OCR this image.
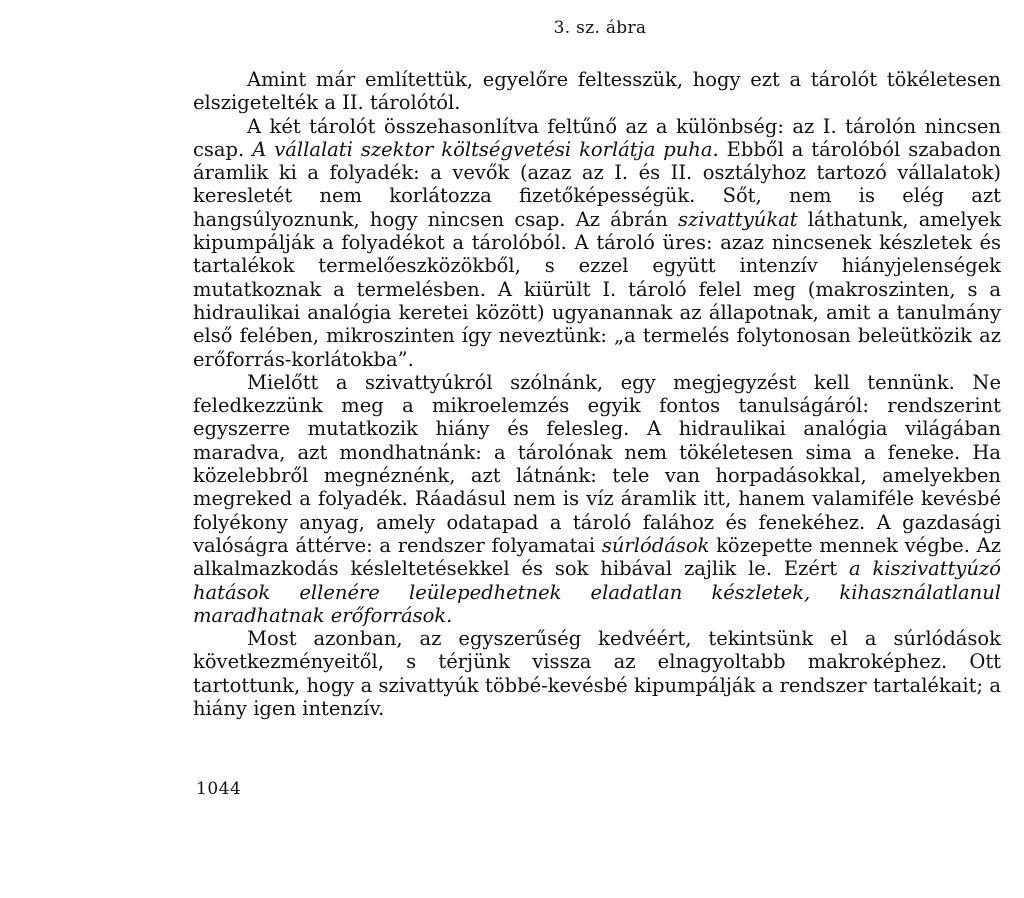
3. sz. ábra

Amint már említettük, egyelőre feltesszük, hogy ezt a tárolót tökéletesen elszigetelték a II. tárolótól.

A két tárolót összehasonlítva feltűnő az a különbség: az I. tárolón nincsen csap. A vállalati szektor költségvetési korlátja puha. Ebből a tárolóból szabadon áramlik ki a folyadék: a vevők (azaz az I. és II. osztályhoz tartozó vállalatok) keresletét nem korlátozza fizetőképességük. Sőt, nem is elég azt hangsúlyoznunk, hogy nincsen csap. Az ábrán szivattyúkat láthatunk, amelyek kipumpálják a folyadékot a tárolóból. A tároló üres: azaz nincsenek készletek és tartalékok termelőeszközökből, s ezzel együtt intenzív hiányjelenségek mutatkoznak a termelésben. A kiürült I. tároló felel meg (makroszinten, s a hidraulikai analógia keretei között) ugyanannak az állapotnak, amit a tanulmány első felében, mikroszinten így neveztünk: „a termelés folytonosan beleütközik az erőforrás-korlátokba”.

Mielőtt a szivattyúkról szólnánk, egy megjegyzést kell tennünk. Ne feledkezzünk meg a mikroelemzés egyik fontos tanulságáról: rendszerint egyszerre mutatkozik hiány és felesleg. A hidraulikai analógia világában maradva, azt mondhatnánk: a tárolónak nem tökéletesen sima a feneke. Ha közelebbről megnéznénk, azt látnánk: tele van horpadásokkal, amelyekben megreked a folyadék. Ráadásul nem is víz áramlik itt, hanem valamiféle kevésbé folyékony anyag, amely odatapad a tároló falához és fenekéhez. A gazdasági valóságra áttérve: a rendszer folyamatai súrlódások közepette mennek végbe. Az alkalmazkodás késleltetésekkel és sok hibával zajlik le. Ezért a kiszivattyúzó hatások ellenére leülepedhetnek eladatlan készletek, kihasználatlanul maradhatnak erőforrások.

Most azonban, az egyszerűség kedvéért, tekintsünk el a súrlódások következményeitől, s térjünk vissza az elnagyoltabb makroképhez. Ott tartottunk, hogy a szivattyúk többé-kevésbé kipumpálják a rendszer tartalékait; a hiány igen intenzív.

1044
